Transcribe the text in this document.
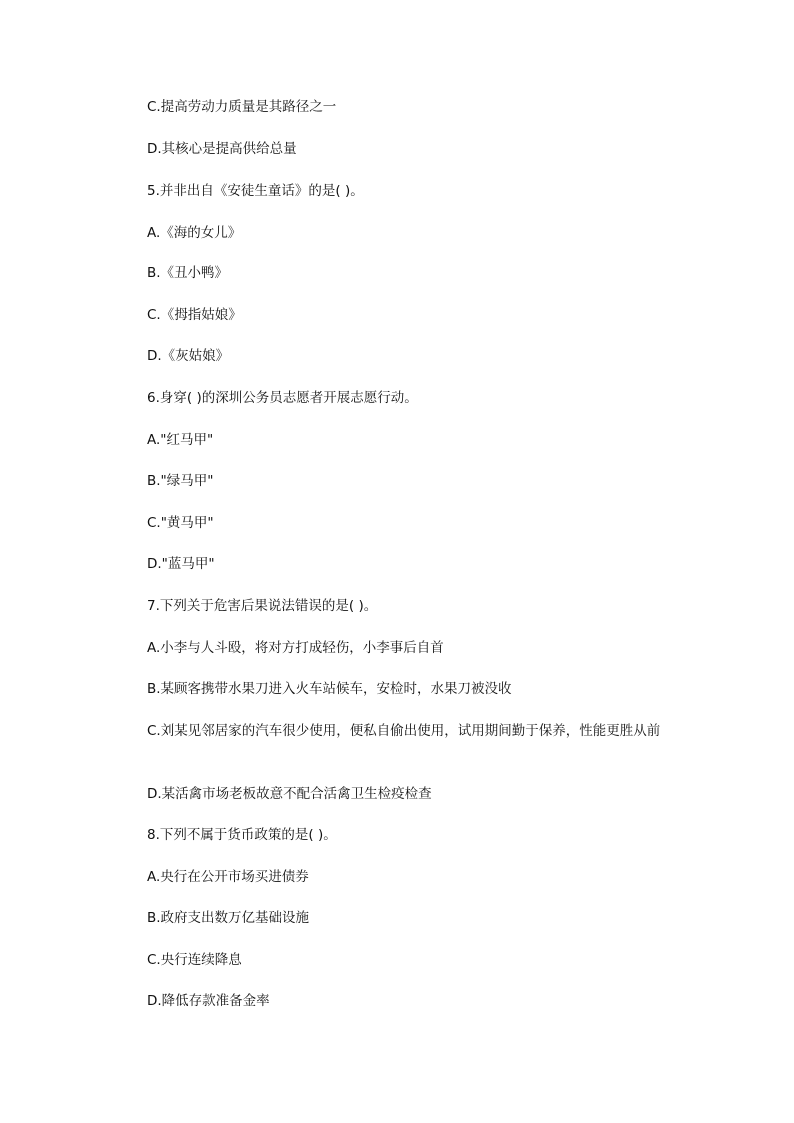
C.提高劳动力质量是其路径之一
D.其核心是提高供给总量
5.并非出自《安徒生童话》的是( )。
A.《海的女儿》
B.《丑小鸭》
C.《拇指姑娘》
D.《灰姑娘》
6.身穿( )的深圳公务员志愿者开展志愿行动。
A."红马甲"
B."绿马甲"
C."黄马甲"
D."蓝马甲"
7.下列关于危害后果说法错误的是( )。
A.小李与人斗殴，将对方打成轻伤，小李事后自首
B.某顾客携带水果刀进入火车站候车，安检时，水果刀被没收
C.刘某见邻居家的汽车很少使用，便私自偷出使用，试用期间勤于保养，性能更胜从前
D.某活禽市场老板故意不配合活禽卫生检疫检查
8.下列不属于货币政策的是( )。
A.央行在公开市场买进债券
B.政府支出数万亿基础设施
C.央行连续降息
D.降低存款准备金率
